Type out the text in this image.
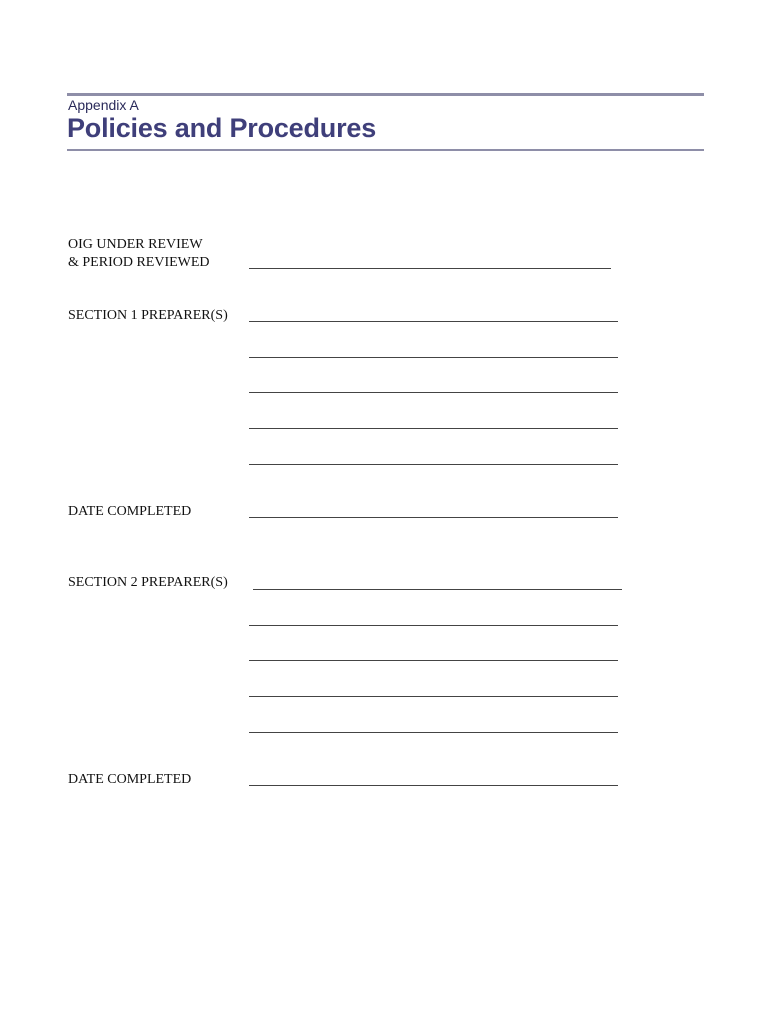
Appendix A
Policies and Procedures
OIG UNDER REVIEW
& PERIOD REVIEWED
SECTION 1 PREPARER(S)
DATE COMPLETED
SECTION 2 PREPARER(S)
DATE COMPLETED
